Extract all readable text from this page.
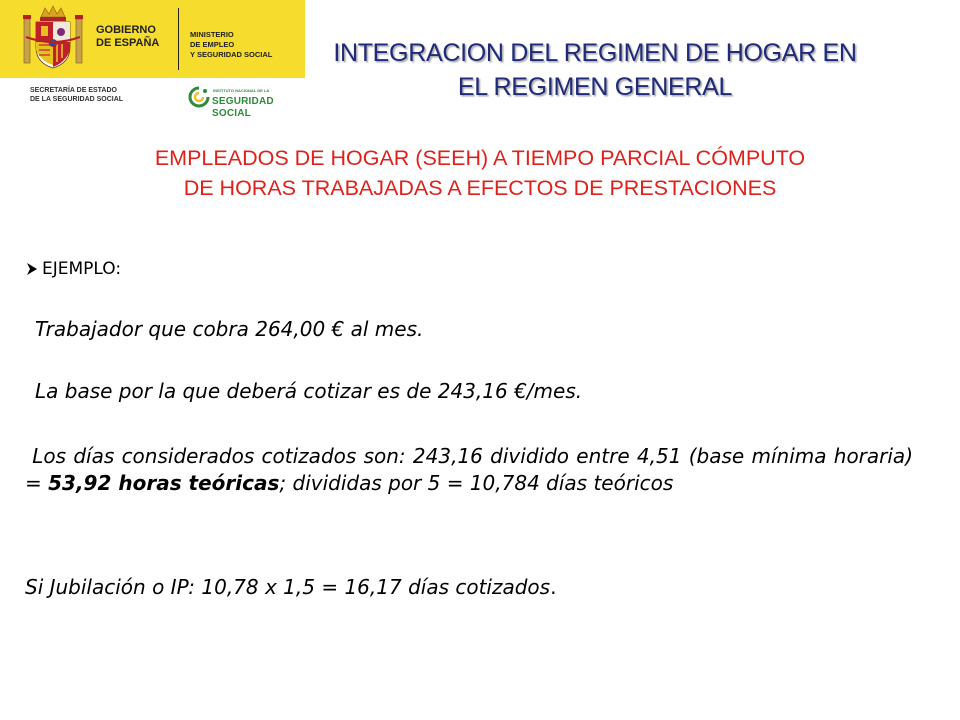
GOBIERNO
DE ESPAÑA
MINISTERIO
DE EMPLEO
Y SEGURIDAD SOCIAL
SECRETARÍA DE ESTADO
DE LA SEGURIDAD SOCIAL
INSTITUTO NACIONAL DE LA
SEGURIDAD SOCIAL
INTEGRACION DEL REGIMEN DE HOGAR EN
EL REGIMEN GENERAL
EMPLEADOS DE HOGAR (SEEH) A TIEMPO PARCIAL CÓMPUTO
DE HORAS TRABAJADAS A EFECTOS DE PRESTACIONES
EJEMPLO:
Trabajador que cobra 264,00 € al mes.
La base por la que deberá cotizar es de 243,16 €/mes.
Los días considerados cotizados son: 243,16 dividido entre 4,51 (base mínima horaria) = 53,92 horas teóricas; divididas por 5 = 10,784 días teóricos
Si Jubilación o IP: 10,78 x 1,5 = 16,17 días cotizados.
